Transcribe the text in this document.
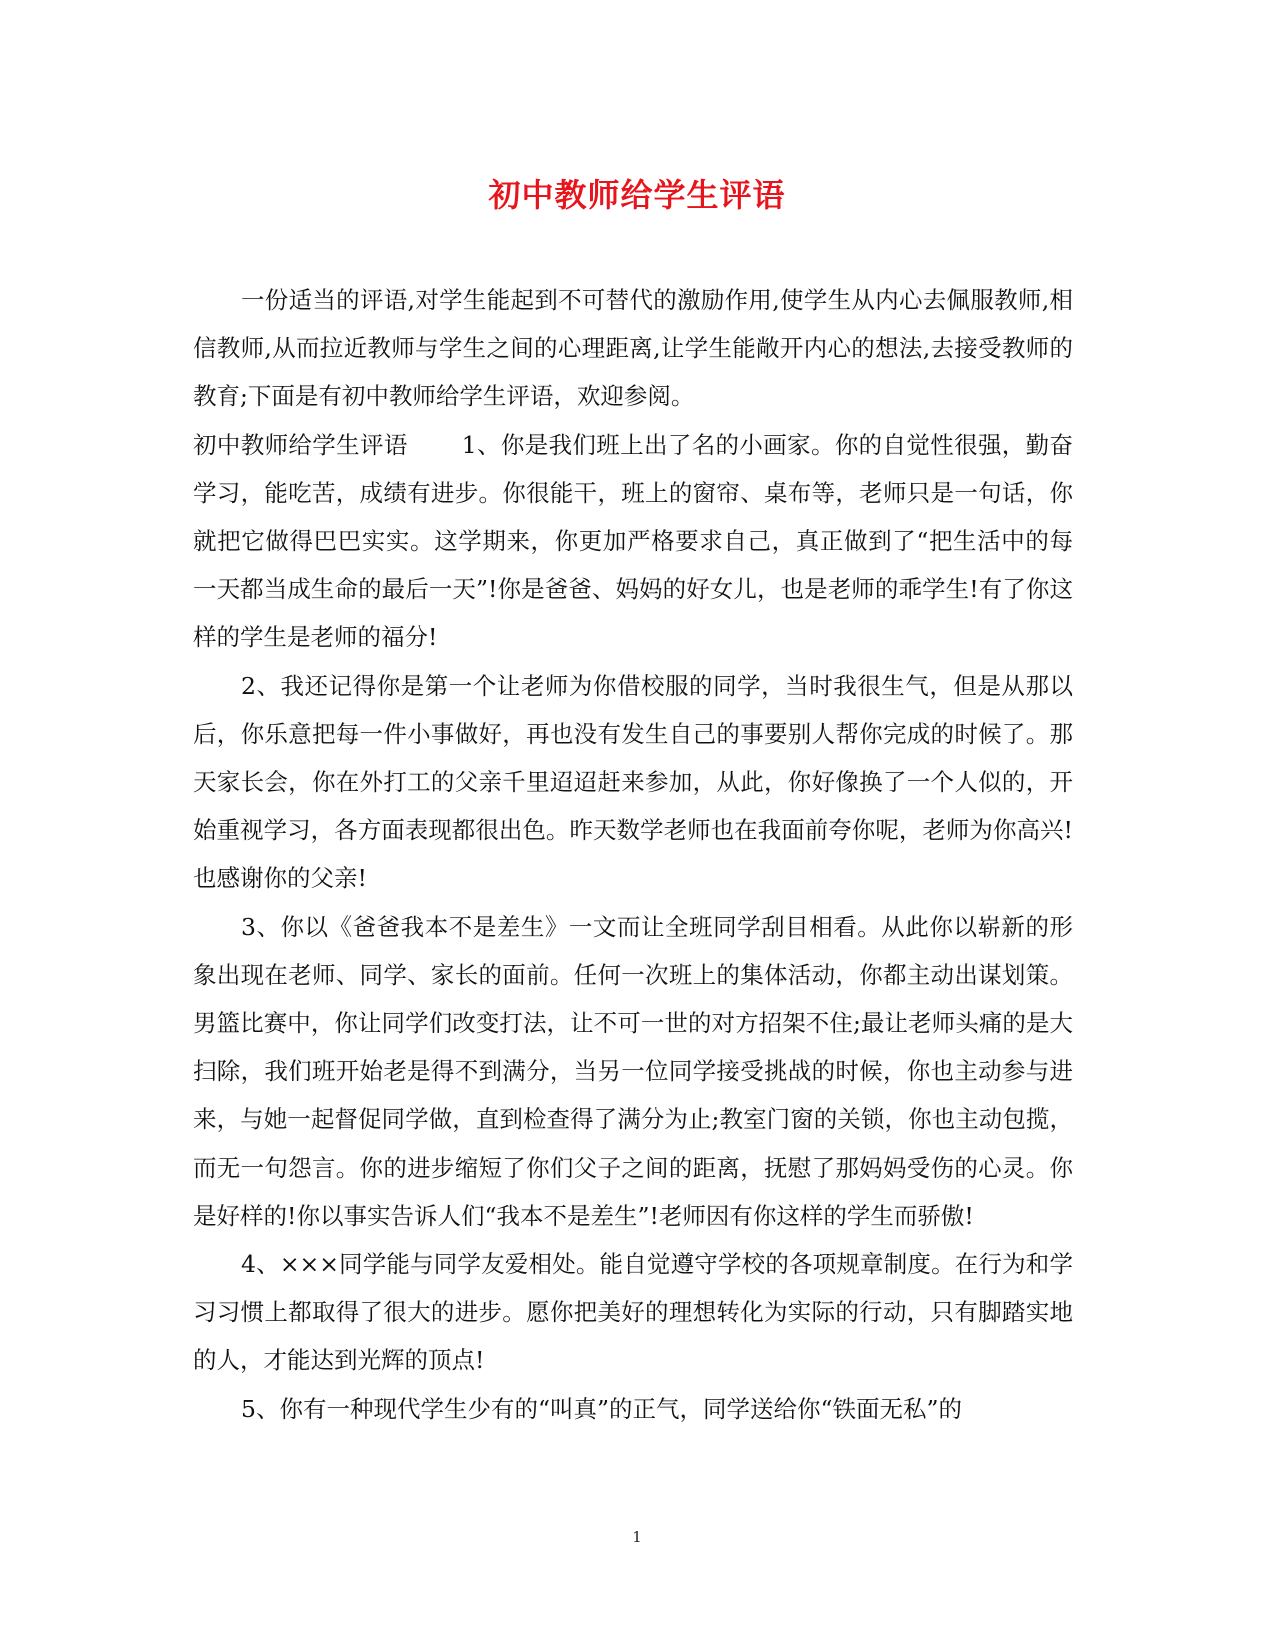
初中教师给学生评语

一份适当的评语,对学生能起到不可替代的激励作用,使学生从内心去佩服教师,相信教师,从而拉近教师与学生之间的心理距离,让学生能敞开内心的想法,去接受教师的教育;下面是有初中教师给学生评语，欢迎参阅。

初中教师给学生评语 1、你是我们班上出了名的小画家。你的自觉性很强，勤奋学习，能吃苦，成绩有进步。你很能干，班上的窗帘、桌布等，老师只是一句话，你就把它做得巴巴实实。这学期来，你更加严格要求自己，真正做到了“把生活中的每一天都当成生命的最后一天”!你是爸爸、妈妈的好女儿，也是老师的乖学生!有了你这样的学生是老师的福分!

2、我还记得你是第一个让老师为你借校服的同学，当时我很生气，但是从那以后，你乐意把每一件小事做好，再也没有发生自己的事要别人帮你完成的时候了。那天家长会，你在外打工的父亲千里迢迢赶来参加，从此，你好像换了一个人似的，开始重视学习，各方面表现都很出色。昨天数学老师也在我面前夸你呢，老师为你高兴!也感谢你的父亲!

3、你以《爸爸我本不是差生》一文而让全班同学刮目相看。从此你以崭新的形象出现在老师、同学、家长的面前。任何一次班上的集体活动，你都主动出谋划策。男篮比赛中，你让同学们改变打法，让不可一世的对方招架不住;最让老师头痛的是大扫除，我们班开始老是得不到满分，当另一位同学接受挑战的时候，你也主动参与进来，与她一起督促同学做，直到检查得了满分为止;教室门窗的关锁，你也主动包揽，而无一句怨言。你的进步缩短了你们父子之间的距离，抚慰了那妈妈受伤的心灵。你是好样的!你以事实告诉人们“我本不是差生”!老师因有你这样的学生而骄傲!

4、×××同学能与同学友爱相处。能自觉遵守学校的各项规章制度。在行为和学习习惯上都取得了很大的进步。愿你把美好的理想转化为实际的行动，只有脚踏实地的人，才能达到光辉的顶点!

5、你有一种现代学生少有的“叫真”的正气，同学送给你“铁面无私”的

1
